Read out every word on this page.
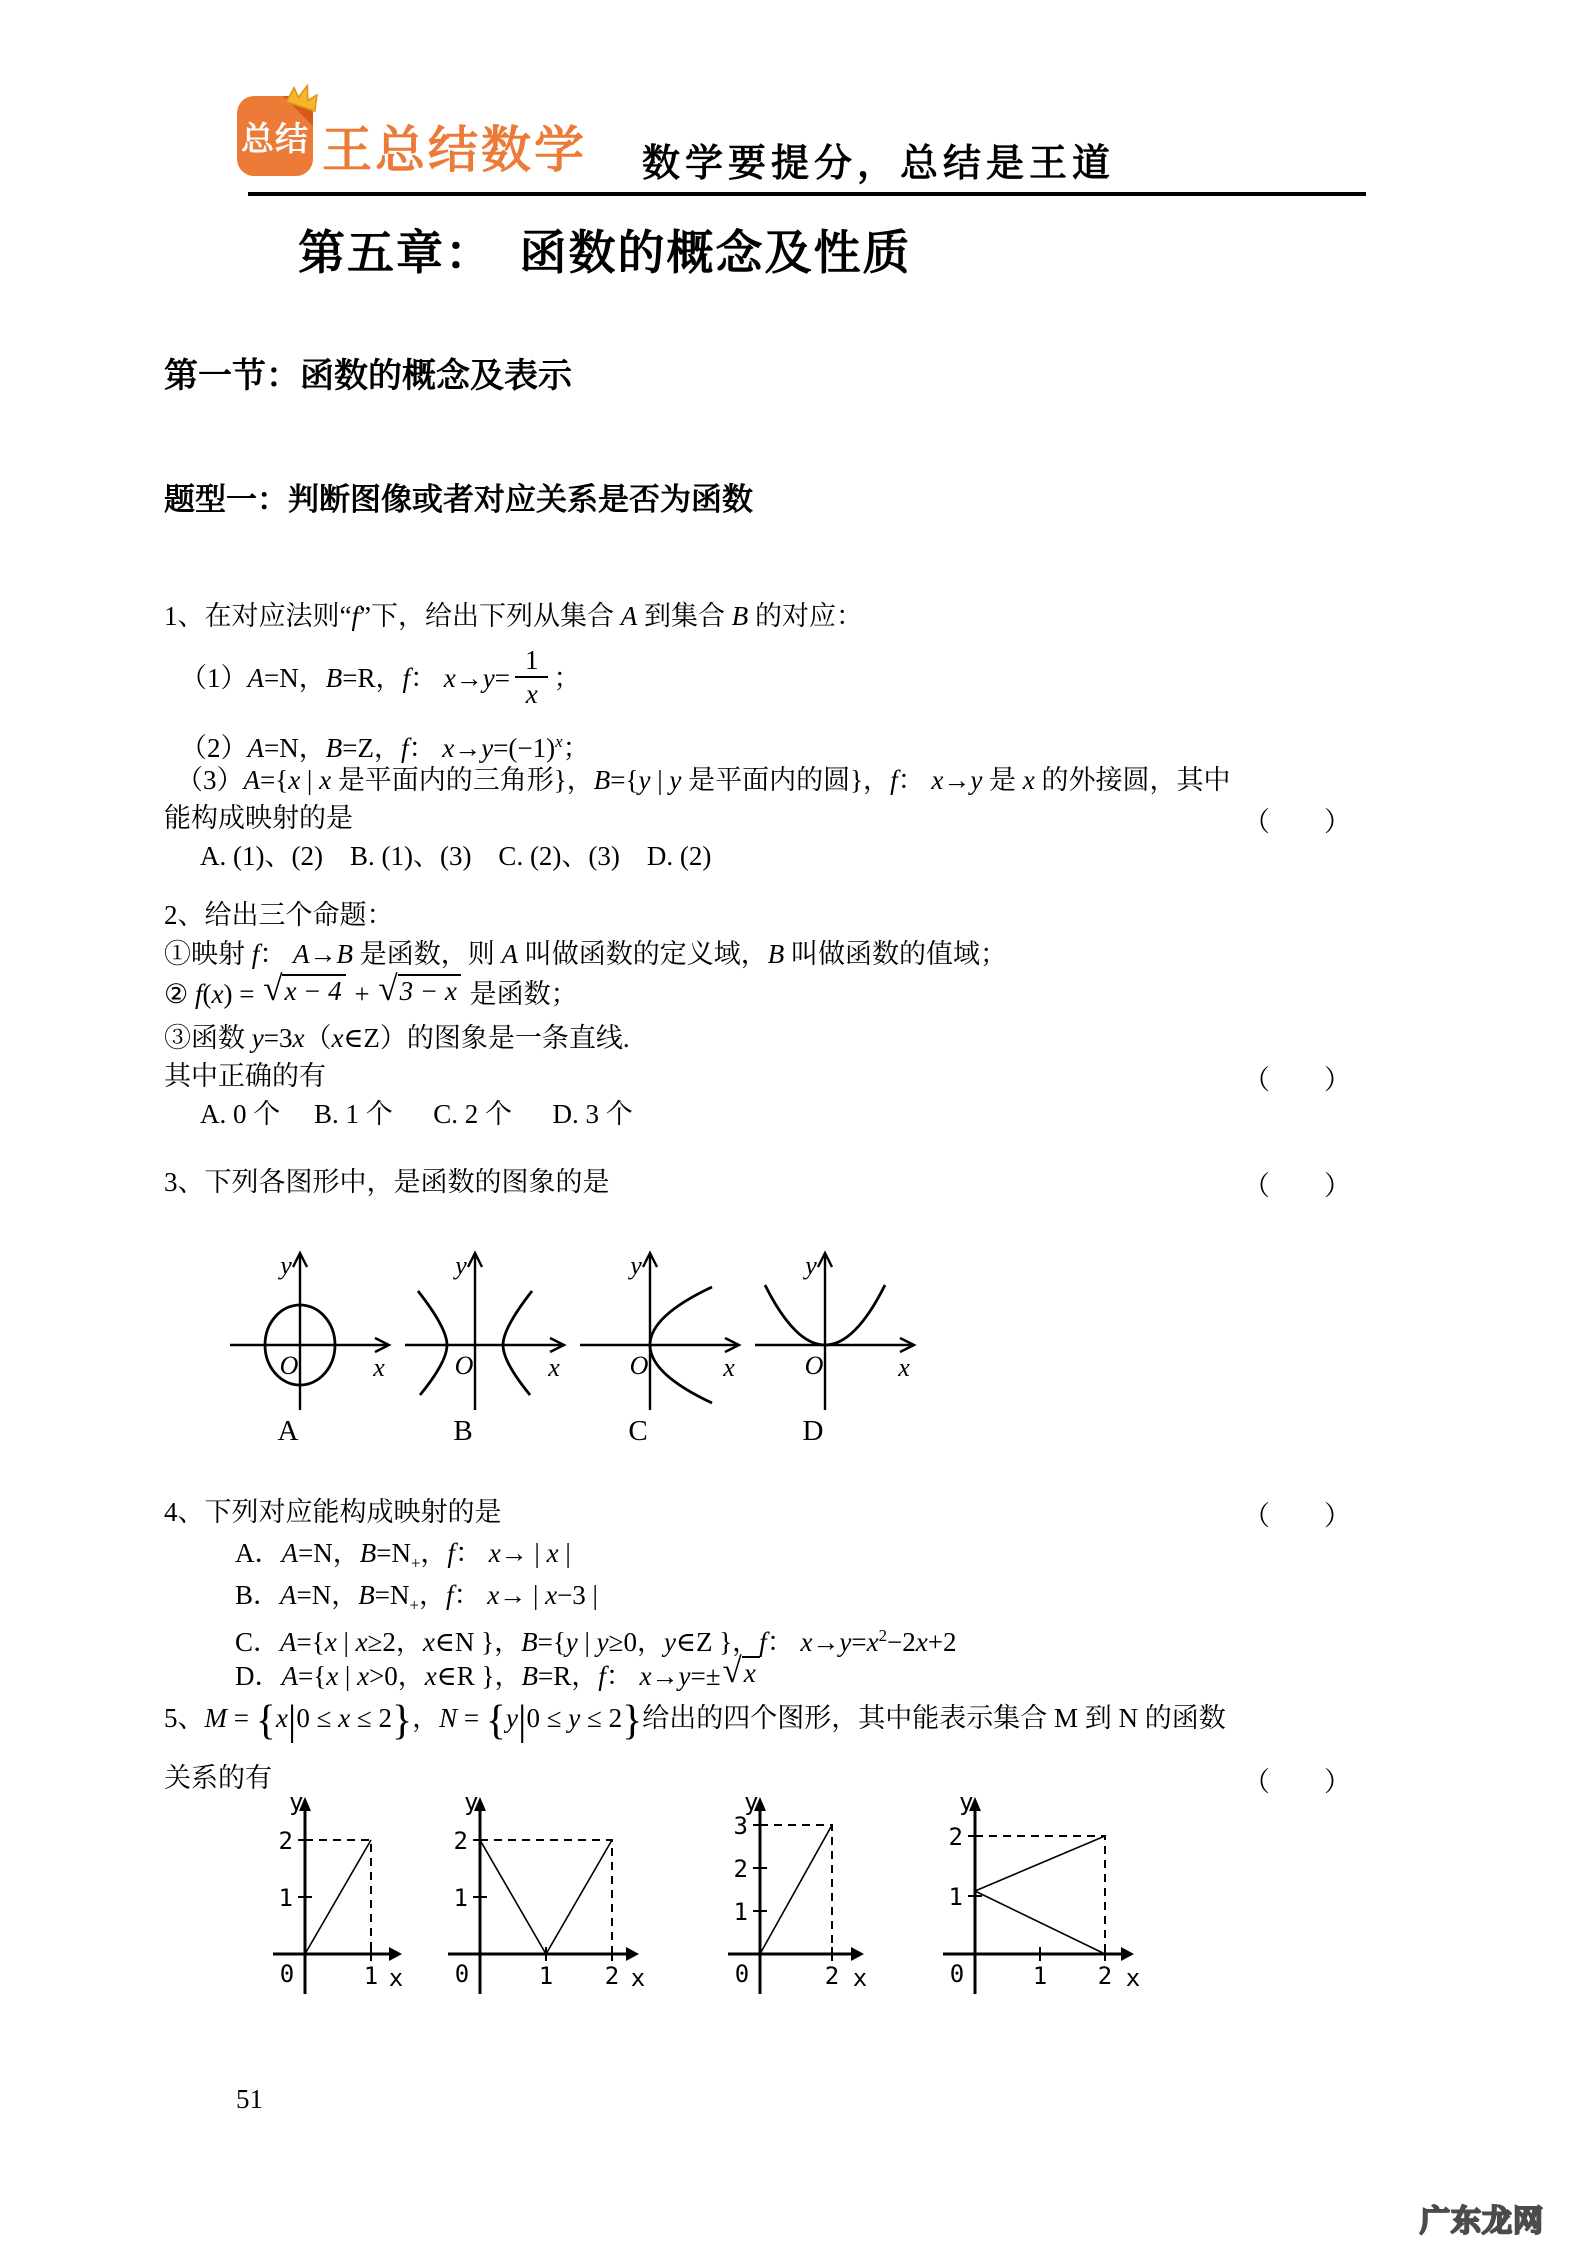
总结 王总结数学 数学要提分，总结是王道
第五章：　函数的概念及性质
第一节：函数的概念及表示
题型一：判断图像或者对应关系是否为函数
1、在对应法则“f”下，给出下列从集合 A 到集合 B 的对应：
（1） A =N， B =R， f ： $x \to y = \frac{1}{x}$ ；
（2）A=N，B=Z，f： $x\to y=(-1)^x$；
（3）A={x | x 是平面内的三角形}，B={y | y 是平面内的圆}，f： x→y 是 x 的外接圆，其中
能构成映射的是	（　　）
A. (1)、(2)    B. (1)、(3)    C. (2)、(3)    D. (2)
2、给出三个命题：
①映射 f： A→B 是函数，则 A 叫做函数的定义域，B 叫做函数的值域；
② f(x) = √ x − 4 + √ 3 − x 是函数；
③函数 y=3x（x∈Z）的图象是一条直线.
其中正确的有	（　　）
A. 0 个     B. 1 个      C. 2 个      D. 3 个
3、下列各图形中，是函数的图象的是	（　　）
y
O	x
A
y
O	x
B
y
O	x
C
y
O	x
D
4、下列对应能构成映射的是	（　　）
A．A=N，$B=N_+$，f： x→ | x |
B．A=N，$B=N_+$，f： x→ | x−3 |
C．A={x | x≥2，x∈N }，B={y | y≥0，y∈Z }，f： $x\to y=x^2-2x+2$
D．A={x | x>0，x∈R }，B=R，f： x→y=± √ x
5、M = {x|0 ≤ x ≤ 2}，N = {y|0 ≤ y ≤ 2}给出的四个图形，其中能表示集合 M 到 N 的函数
关系的有	（　　）
y
2
1
0	1 x
y
2
1
0	1 2 x
y
3
2
1
0	2 x
y
2
1
0	1 2 x
51
广东龙网
